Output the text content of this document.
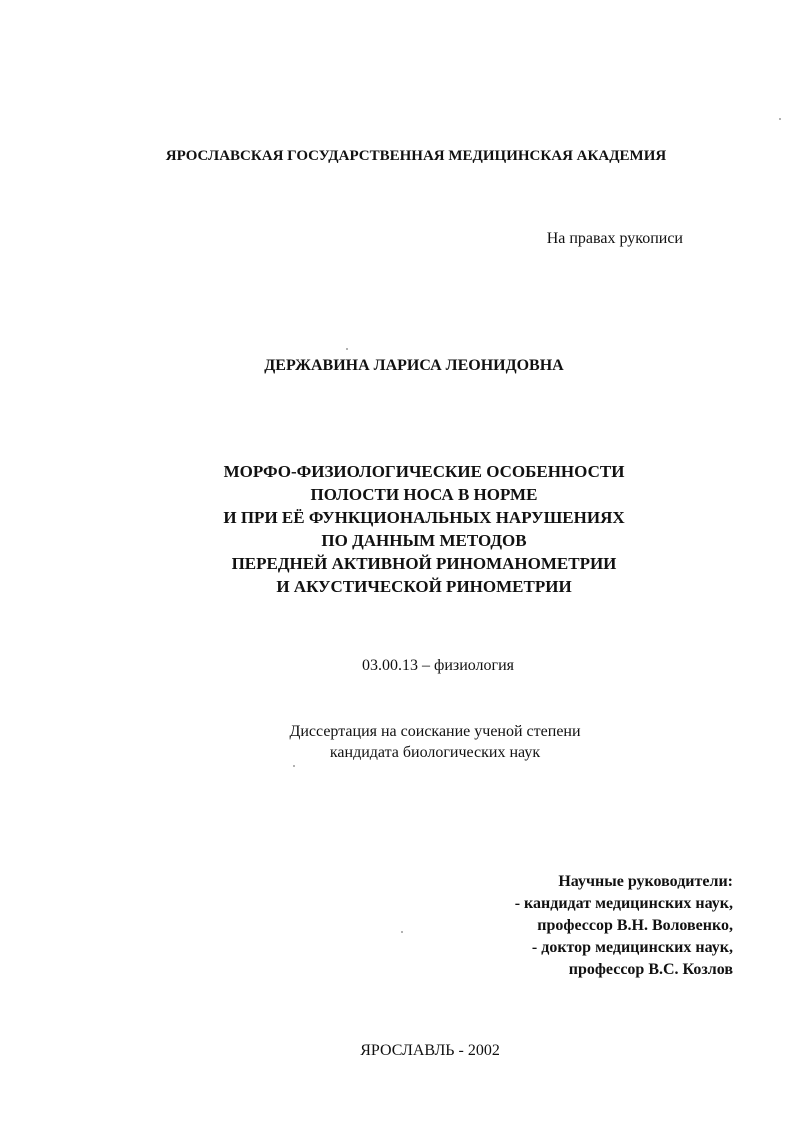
ЯРОСЛАВСКАЯ ГОСУДАРСТВЕННАЯ МЕДИЦИНСКАЯ АКАДЕМИЯ
На правах рукописи
ДЕРЖАВИНА ЛАРИСА ЛЕОНИДОВНА
МОРФО-ФИЗИОЛОГИЧЕСКИЕ ОСОБЕННОСТИ
ПОЛОСТИ НОСА В НОРМЕ
И ПРИ ЕЁ ФУНКЦИОНАЛЬНЫХ НАРУШЕНИЯХ
ПО ДАННЫМ МЕТОДОВ
ПЕРЕДНЕЙ АКТИВНОЙ РИНОМАНОМЕТРИИ
И АКУСТИЧЕСКОЙ РИНОМЕТРИИ
03.00.13 – физиология
Диссертация на соискание ученой степени
кандидата биологических наук
Научные руководители:
- кандидат медицинских наук,
профессор В.Н. Воловенко,
- доктор медицинских наук,
профессор В.С. Козлов
ЯРОСЛАВЛЬ - 2002
